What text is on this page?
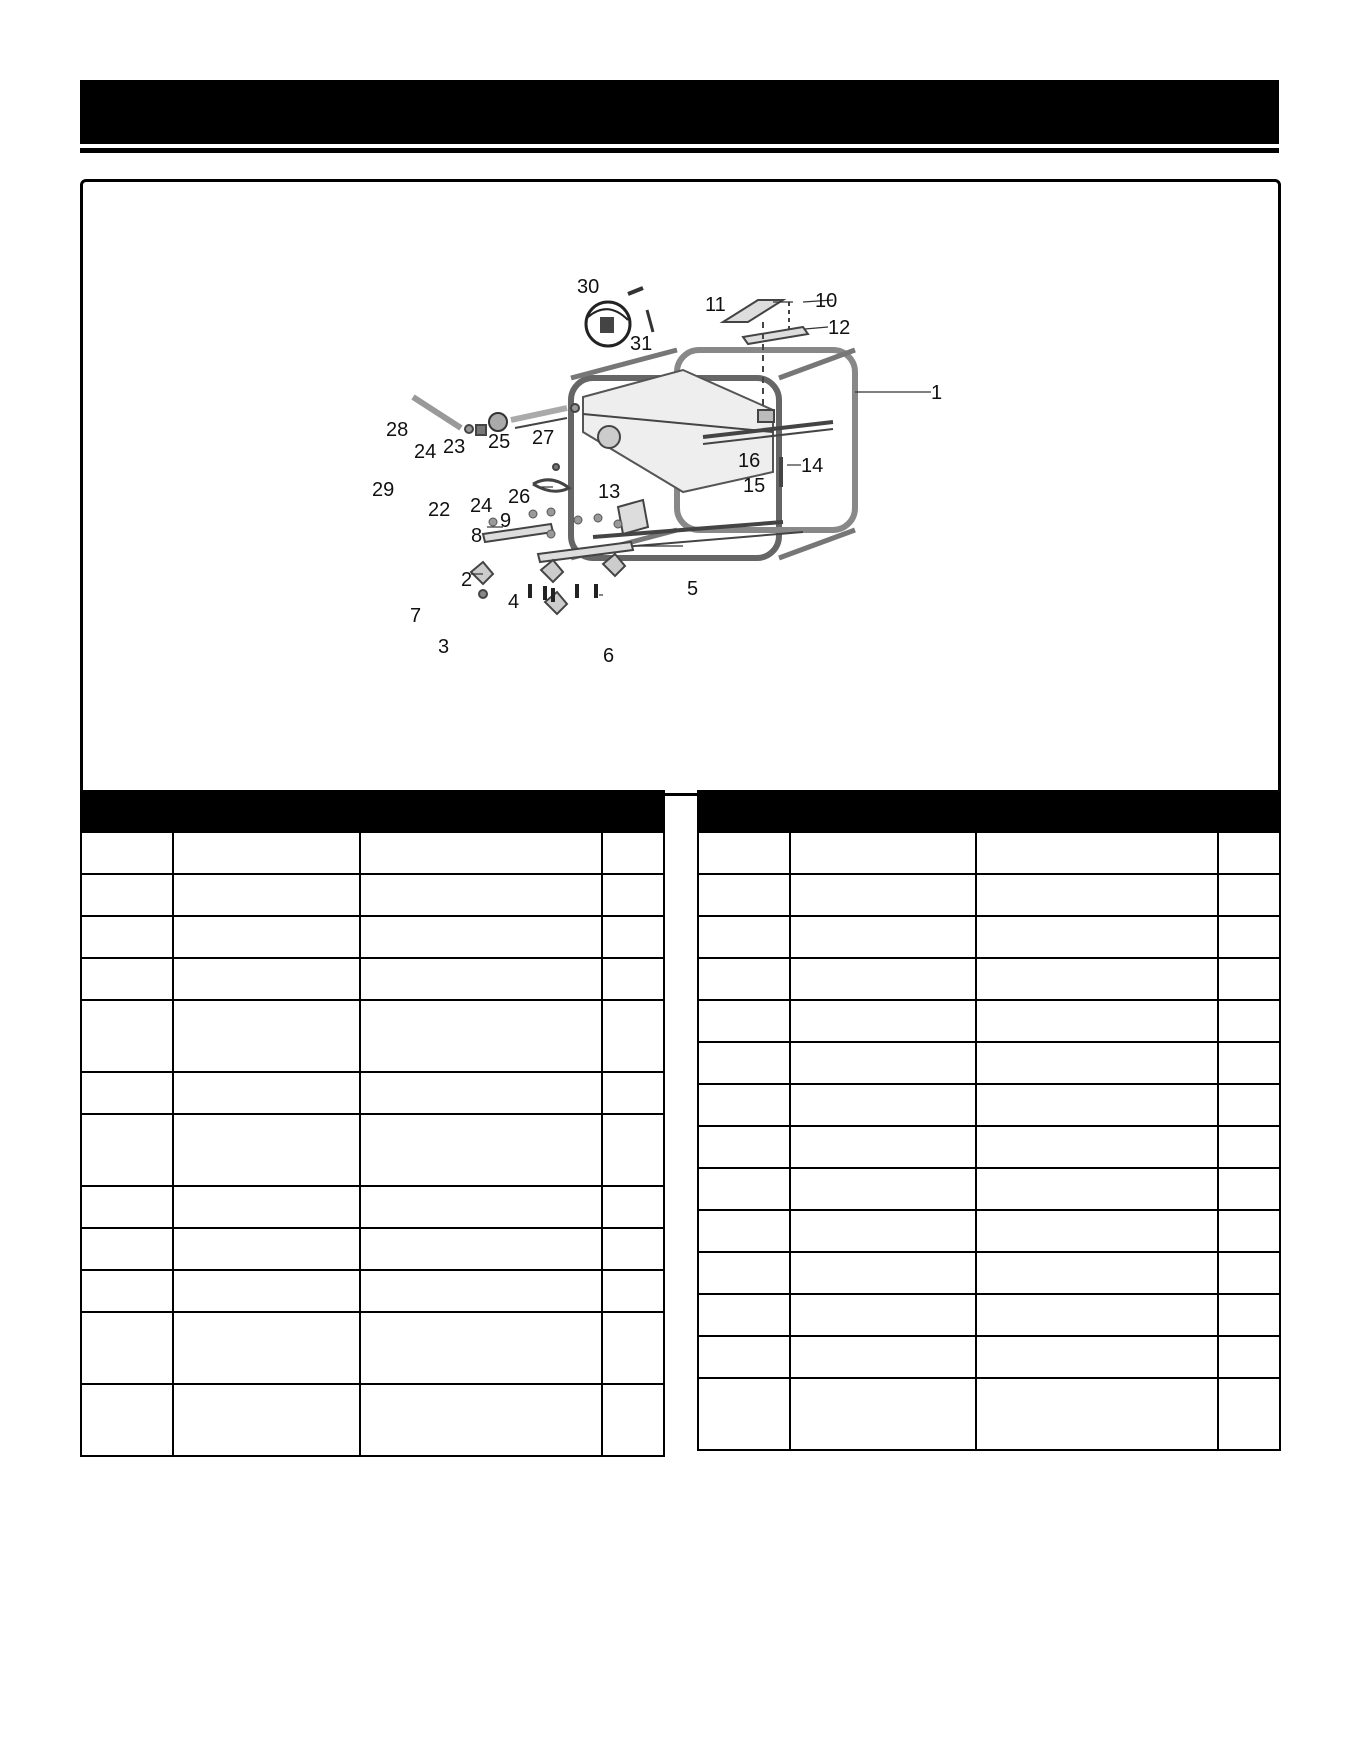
1
2
3
4
5
6
7
8
9
10
11
12
13
14
15
16
22
23
24
24
25
26
27
28
29
30
31
